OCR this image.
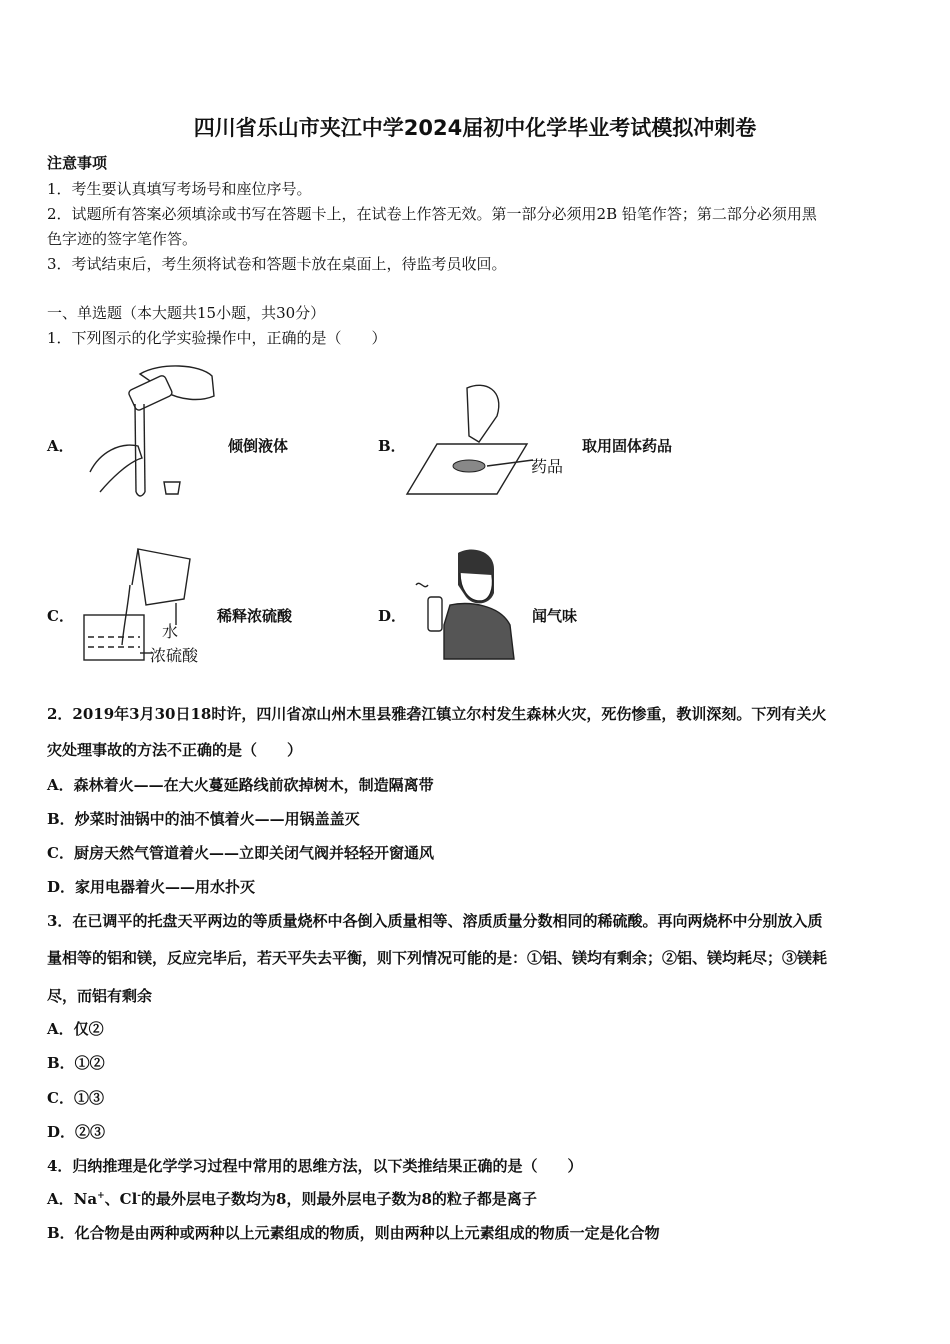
四川省乐山市夹江中学2024届初中化学毕业考试模拟冲刺卷
注意事项
1．考生要认真填写考场号和座位序号。
2．试题所有答案必须填涂或书写在答题卡上，在试卷上作答无效。第一部分必须用2B 铅笔作答；第二部分必须用黑
色字迹的签字笔作答。
3．考试结束后，考生须将试卷和答题卡放在桌面上，待监考员收回。
一、单选题（本大题共15小题，共30分）
1．下列图示的化学实验操作中，正确的是（　　）
A．	倾倒液体	B．
药品
取用固体药品
C．
水
浓硫酸
稀释浓硫酸	D．	闻气味
2．2019年3月30日18时许，四川省凉山州木里县雅砻江镇立尔村发生森林火灾，死伤惨重，教训深刻。下列有关火
灾处理事故的方法不正确的是（　　）
A．森林着火——在大火蔓延路线前砍掉树木，制造隔离带
B．炒菜时油锅中的油不慎着火——用锅盖盖灭
C．厨房天然气管道着火——立即关闭气阀并轻轻开窗通风
D．家用电器着火——用水扑灭
3．在已调平的托盘天平两边的等质量烧杯中各倒入质量相等、溶质质量分数相同的稀硫酸。再向两烧杯中分别放入质
量相等的铝和镁，反应完毕后，若天平失去平衡，则下列情况可能的是：①铝、镁均有剩余；②铝、镁均耗尽；③镁耗
尽，而铝有剩余
A．仅②
B．①②
C．①③
D．②③
4．归纳推理是化学学习过程中常用的思维方法，以下类推结果正确的是（　　）
A．Na+、Cl-的最外层电子数均为8，则最外层电子数为8的粒子都是离子
B．化合物是由两种或两种以上元素组成的物质，则由两种以上元素组成的物质一定是化合物
